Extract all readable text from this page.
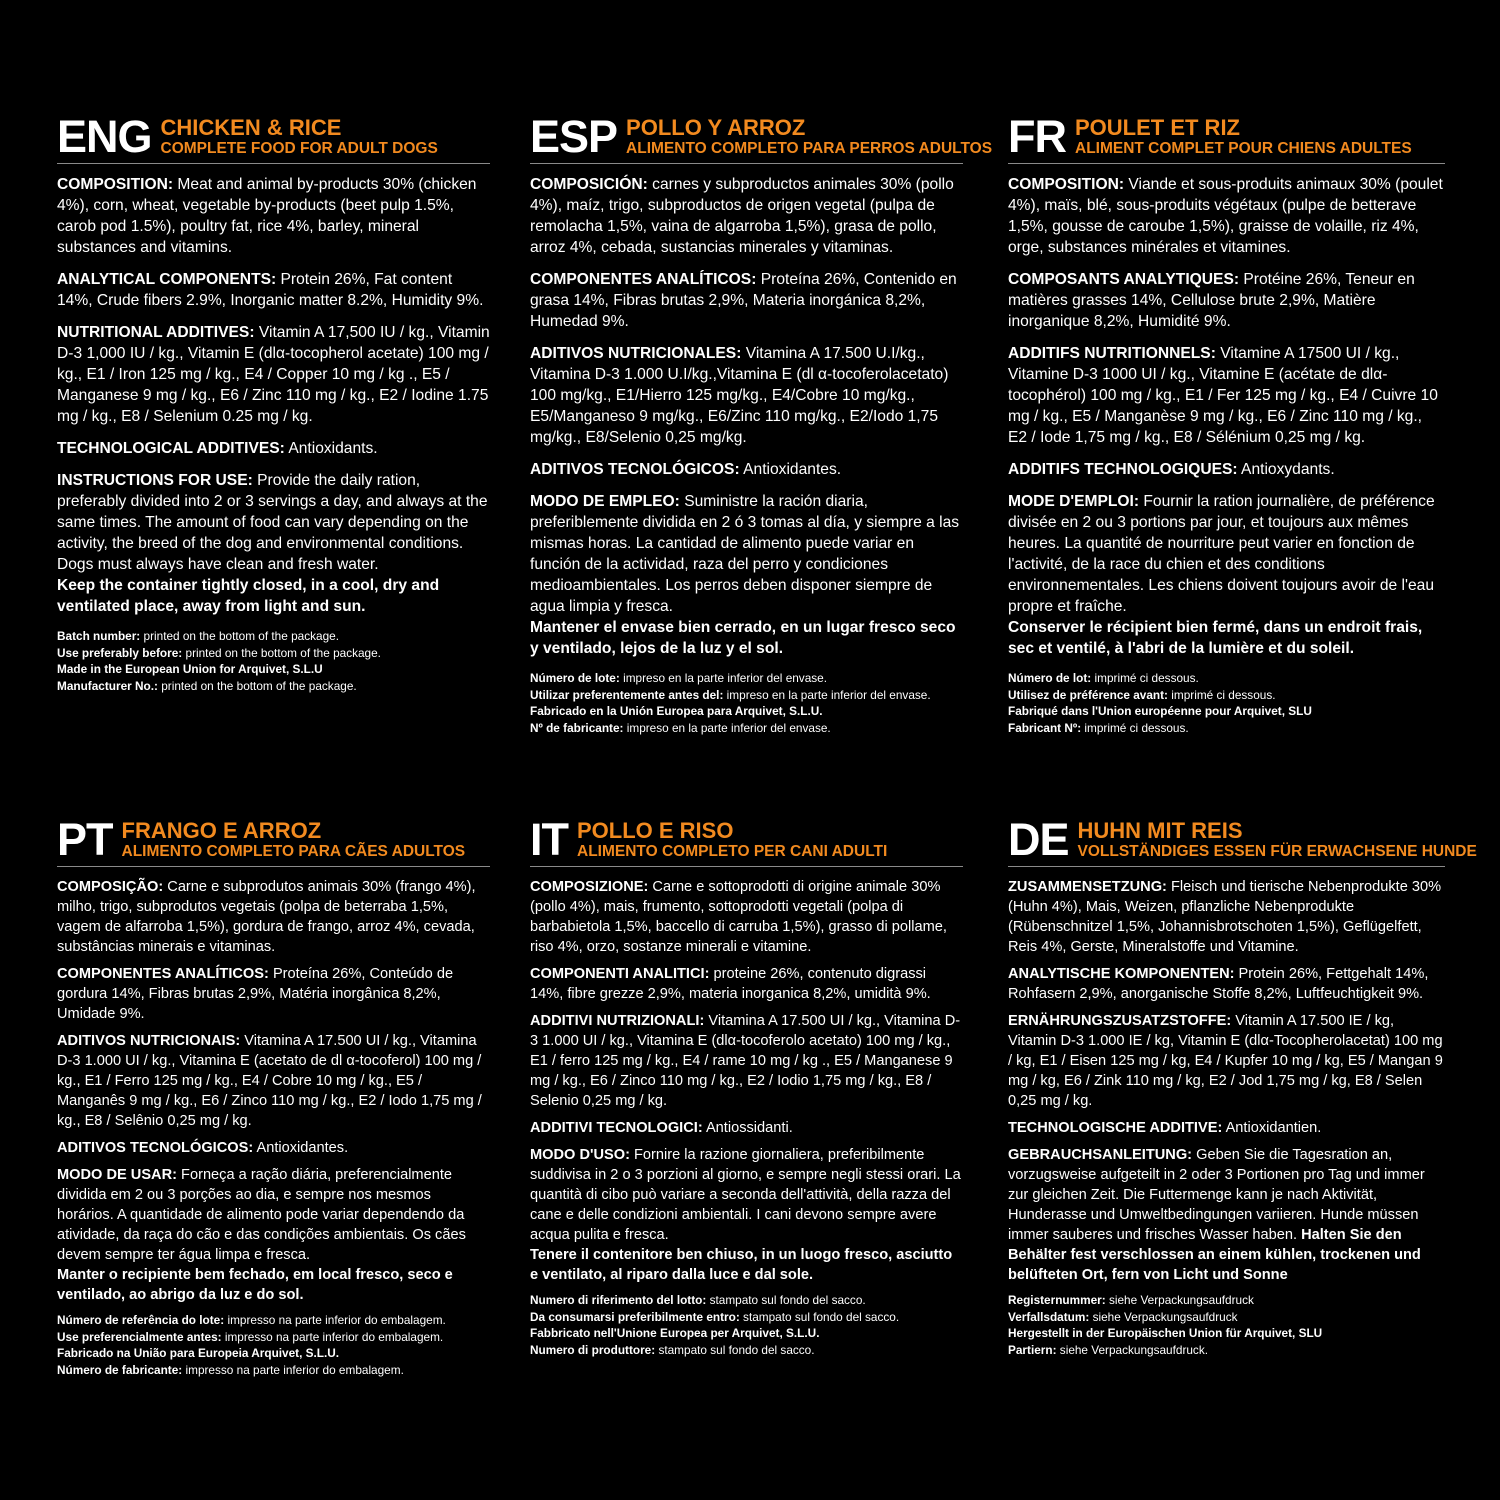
ENG CHICKEN & RICE
COMPLETE FOOD FOR ADULT DOGS
COMPOSITION: Meat and animal by-products 30% (chicken 4%), corn, wheat, vegetable by-products (beet pulp 1.5%, carob pod 1.5%), poultry fat, rice 4%, barley, mineral substances and vitamins.
ANALYTICAL COMPONENTS: Protein 26%, Fat content 14%, Crude fibers 2.9%, Inorganic matter 8.2%, Humidity 9%.
NUTRITIONAL ADDITIVES: Vitamin A 17,500 IU / kg., Vitamin D-3 1,000 IU / kg., Vitamin E (dlα-tocopherol acetate) 100 mg / kg., E1 / Iron 125 mg / kg., E4 / Copper 10 mg / kg ., E5 / Manganese 9 mg / kg., E6 / Zinc 110 mg / kg., E2 / Iodine 1.75 mg / kg., E8 / Selenium 0.25 mg / kg.
TECHNOLOGICAL ADDITIVES: Antioxidants.
INSTRUCTIONS FOR USE: Provide the daily ration, preferably divided into 2 or 3 servings a day, and always at the same times. The amount of food can vary depending on the activity, the breed of the dog and environmental conditions. Dogs must always have clean and fresh water.
Keep the container tightly closed, in a cool, dry and ventilated place, away from light and sun.
Batch number: printed on the bottom of the package.
Use preferably before: printed on the bottom of the package.
Made in the European Union for Arquivet, S.L.U
Manufacturer No.: printed on the bottom of the package.
ESP POLLO Y ARROZ
ALIMENTO COMPLETO PARA PERROS ADULTOS
COMPOSICIÓN: carnes y subproductos animales 30% (pollo 4%), maíz, trigo, subproductos de origen vegetal (pulpa de remolacha 1,5%, vaina de algarroba 1,5%), grasa de pollo, arroz 4%, cebada, sustancias minerales y vitaminas.
COMPONENTES ANALÍTICOS: Proteína 26%, Contenido en grasa 14%, Fibras brutas 2,9%, Materia inorgánica 8,2%, Humedad 9%.
ADITIVOS NUTRICIONALES: Vitamina A 17.500 U.I/kg., Vitamina D-3 1.000 U.I/kg.,Vitamina E (dl α-tocoferolacetato) 100 mg/kg., E1/Hierro 125 mg/kg., E4/Cobre 10 mg/kg., E5/Manganeso 9 mg/kg., E6/Zinc 110 mg/kg., E2/Iodo 1,75 mg/kg., E8/Selenio 0,25 mg/kg.
ADITIVOS TECNOLÓGICOS: Antioxidantes.
MODO DE EMPLEO: Suministre la ración diaria, preferiblemente dividida en 2 ó 3 tomas al día, y siempre a las mismas horas. La cantidad de alimento puede variar en función de la actividad, raza del perro y condiciones medioambientales. Los perros deben disponer siempre de agua limpia y fresca.
Mantener el envase bien cerrado, en un lugar fresco seco y ventilado, lejos de la luz y el sol.
Número de lote: impreso en la parte inferior del envase.
Utilizar preferentemente antes del: impreso en la parte inferior del envase.
Fabricado en la Unión Europea para Arquivet, S.L.U.
Nº de fabricante: impreso en la parte inferior del envase.
FR POULET ET RIZ
ALIMENT COMPLET POUR CHIENS ADULTES
COMPOSITION: Viande et sous-produits animaux 30% (poulet 4%), maïs, blé, sous-produits végétaux (pulpe de betterave 1,5%, gousse de caroube 1,5%), graisse de volaille, riz 4%, orge, substances minérales et vitamines.
COMPOSANTS ANALYTIQUES: Protéine 26%, Teneur en matières grasses 14%, Cellulose brute 2,9%, Matière inorganique 8,2%, Humidité 9%.
ADDITIFS NUTRITIONNELS: Vitamine A 17500 UI / kg., Vitamine D-3 1000 UI / kg., Vitamine E (acétate de dlα-tocophérol) 100 mg / kg., E1 / Fer 125 mg / kg., E4 / Cuivre 10 mg / kg., E5 / Manganèse 9 mg / kg., E6 / Zinc 110 mg / kg., E2 / Iode 1,75 mg / kg., E8 / Sélénium 0,25 mg / kg.
ADDITIFS TECHNOLOGIQUES: Antioxydants.
MODE D'EMPLOI: Fournir la ration journalière, de préférence divisée en 2 ou 3 portions par jour, et toujours aux mêmes heures. La quantité de nourriture peut varier en fonction de l'activité, de la race du chien et des conditions environnementales. Les chiens doivent toujours avoir de l'eau propre et fraîche.
Conserver le récipient bien fermé, dans un endroit frais, sec et ventilé, à l'abri de la lumière et du soleil.
Número de lot: imprimé ci dessous.
Utilisez de préférence avant: imprimé ci dessous.
Fabriqué dans l'Union européenne pour Arquivet, SLU
Fabricant Nº: imprimé ci dessous.
PT FRANGO E ARROZ
ALIMENTO COMPLETO PARA CÃES ADULTOS
COMPOSIÇÃO: Carne e subprodutos animais 30% (frango 4%), milho, trigo, subprodutos vegetais (polpa de beterraba 1,5%, vagem de alfarroba 1,5%), gordura de frango, arroz 4%, cevada, substâncias minerais e vitaminas.
COMPONENTES ANALÍTICOS: Proteína 26%, Conteúdo de gordura 14%, Fibras brutas 2,9%, Matéria inorgânica 8,2%, Umidade 9%.
ADITIVOS NUTRICIONAIS: Vitamina A 17.500 UI / kg., Vitamina D-3 1.000 UI / kg., Vitamina E (acetato de dl α-tocoferol) 100 mg / kg., E1 / Ferro 125 mg / kg., E4 / Cobre 10 mg / kg., E5 / Manganês 9 mg / kg., E6 / Zinco 110 mg / kg., E2 / Iodo 1,75 mg / kg., E8 / Selênio 0,25 mg / kg.
ADITIVOS TECNOLÓGICOS: Antioxidantes.
MODO DE USAR: Forneça a ração diária, preferencialmente dividida em 2 ou 3 porções ao dia, e sempre nos mesmos horários. A quantidade de alimento pode variar dependendo da atividade, da raça do cão e das condições ambientais. Os cães devem sempre ter água limpa e fresca.
Manter o recipiente bem fechado, em local fresco, seco e ventilado, ao abrigo da luz e do sol.
Número de referência do lote: impresso na parte inferior do embalagem.
Use preferencialmente antes: impresso na parte inferior do embalagem.
Fabricado na União para Europeia Arquivet, S.L.U.
Número de fabricante: impresso na parte inferior do embalagem.
IT POLLO E RISO
ALIMENTO COMPLETO PER CANI ADULTI
COMPOSIZIONE: Carne e sottoprodotti di origine animale 30% (pollo 4%), mais, frumento, sottoprodotti vegetali (polpa di barbabietola 1,5%, baccello di carruba 1,5%), grasso di pollame, riso 4%, orzo, sostanze minerali e vitamine.
COMPONENTI ANALITICI: proteine 26%, contenuto digrassi 14%, fibre grezze 2,9%, materia inorganica 8,2%, umidità 9%.
ADDITIVI NUTRIZIONALI: Vitamina A 17.500 UI / kg., Vitamina D-3 1.000 UI / kg., Vitamina E (dlα-tocoferolo acetato) 100 mg / kg., E1 / ferro 125 mg / kg., E4 / rame 10 mg / kg ., E5 / Manganese 9 mg / kg., E6 / Zinco 110 mg / kg., E2 / Iodio 1,75 mg / kg., E8 / Selenio 0,25 mg / kg.
ADDITIVI TECNOLOGICI: Antiossidanti.
MODO D'USO: Fornire la razione giornaliera, preferibilmente suddivisa in 2 o 3 porzioni al giorno, e sempre negli stessi orari. La quantità di cibo può variare a seconda dell'attività, della razza del cane e delle condizioni ambientali. I cani devono sempre avere acqua pulita e fresca.
Tenere il contenitore ben chiuso, in un luogo fresco, asciutto e ventilato, al riparo dalla luce e dal sole.
Numero di riferimento del lotto: stampato sul fondo del sacco.
Da consumarsi preferibilmente entro: stampato sul fondo del sacco.
Fabbricato nell'Unione Europea per Arquivet, S.L.U.
Numero di produttore: stampato sul fondo del sacco.
DE HUHN MIT REIS
VOLLSTÄNDIGES ESSEN FÜR ERWACHSENE HUNDE
ZUSAMMENSETZUNG: Fleisch und tierische Nebenprodukte 30% (Huhn 4%), Mais, Weizen, pflanzliche Nebenprodukte (Rübenschnitzel 1,5%, Johannisbrotschoten 1,5%), Geflügelfett, Reis 4%, Gerste, Mineralstoffe und Vitamine.
ANALYTISCHE KOMPONENTEN: Protein 26%, Fettgehalt 14%, Rohfasern 2,9%, anorganische Stoffe 8,2%, Luftfeuchtigkeit 9%.
ERNÄHRUNGSZUSATZSTOFFE: Vitamin A 17.500 IE / kg, Vitamin D-3 1.000 IE / kg, Vitamin E (dlα-Tocopherolacetat) 100 mg / kg, E1 / Eisen 125 mg / kg, E4 / Kupfer 10 mg / kg, E5 / Mangan 9 mg / kg, E6 / Zink 110 mg / kg, E2 / Jod 1,75 mg / kg, E8 / Selen 0,25 mg / kg.
TECHNOLOGISCHE ADDITIVE: Antioxidantien.
GEBRAUCHSANLEITUNG: Geben Sie die Tagesration an, vorzugsweise aufgeteilt in 2 oder 3 Portionen pro Tag und immer zur gleichen Zeit. Die Futtermenge kann je nach Aktivität, Hunderasse und Umweltbedingungen variieren. Hunde müssen immer sauberes und frisches Wasser haben. Halten Sie den Behälter fest verschlossen an einem kühlen, trockenen und belüfteten Ort, fern von Licht und Sonne
Registernummer: siehe Verpackungsaufdruck
Verfallsdatum: siehe Verpackungsaufdruck
Hergestellt in der Europäischen Union für Arquivet, SLU
Partiern: siehe Verpackungsaufdruck.
